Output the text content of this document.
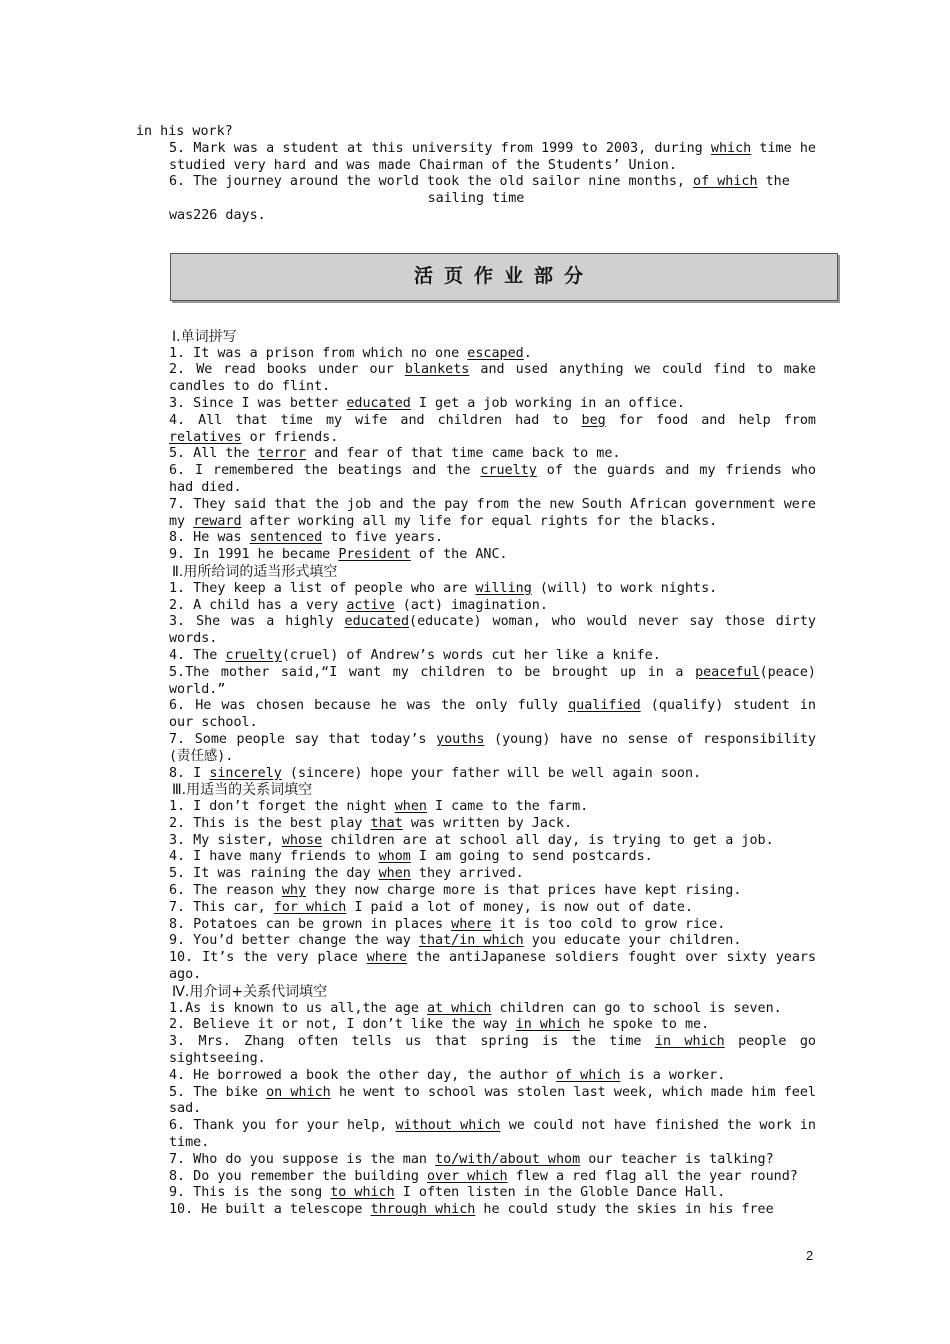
in his work?
5. Mark was a student at this university from 1999 to 2003, during which time he studied very hard and was made Chairman of the Students’ Union.
6. The journey around the world took the old sailor nine months, of which the
sailing time
was226 days.
活页作业部分
Ⅰ.单词拼写
1. It was a prison from which no one escaped.
2. We read books under our blankets and used anything we could find to make candles to do flint.
3. Since I was better educated I get a job working in an office.
4. All that time my wife and children had to beg for food and help from relatives or friends.
5. All the terror and fear of that time came back to me.
6. I remembered the beatings and the cruelty of the guards and my friends who had died.
7. They said that the job and the pay from the new South African government were my reward after working all my life for equal rights for the blacks.
8. He was sentenced to five years.
9. In 1991 he became President of the ANC.
Ⅱ.用所给词的适当形式填空
1. They keep a list of people who are willing (will) to work nights.
2. A child has a very active (act) imagination.
3. She was a highly educated(educate) woman, who would never say those dirty words.
4. The cruelty(cruel) of Andrew’s words cut her like a knife.
5.The mother said,“I want my children to be brought up in a peaceful(peace) world.”
6. He was chosen because he was the only fully qualified (qualify) student in our school.
7. Some people say that today’s youths (young) have no sense of responsibility (责任感).
8. I sincerely (sincere) hope your father will be well again soon.
Ⅲ.用适当的关系词填空
1. I don’t forget the night when I came to the farm.
2. This is the best play that was written by Jack.
3. My sister, whose children are at school all day, is trying to get a job.
4. I have many friends to whom I am going to send postcards.
5. It was raining the day when they arrived.
6. The reason why they now charge more is that prices have kept rising.
7. This car, for which I paid a lot of money, is now out of date.
8. Potatoes can be grown in places where it is too cold to grow rice.
9. You’d better change the way that/in which you educate your children.
10. It’s the very place where the antiJapanese soldiers fought over sixty years ago.
Ⅳ.用介词+关系代词填空
1.As is known to us all,the age at which children can go to school is seven.
2. Believe it or not, I don’t like the way in which he spoke to me.
3. Mrs. Zhang often tells us that spring is the time in which people go sightseeing.
4. He borrowed a book the other day, the author of which is a worker.
5. The bike on which he went to school was stolen last week, which made him feel sad.
6. Thank you for your help, without which we could not have finished the work in time.
7. Who do you suppose is the man to/with/about whom our teacher is talking?
8. Do you remember the building over which flew a red flag all the year round?
9. This is the song to which I often listen in the Globle Dance Hall.
10. He built a telescope through which he could study the skies in his free
2
